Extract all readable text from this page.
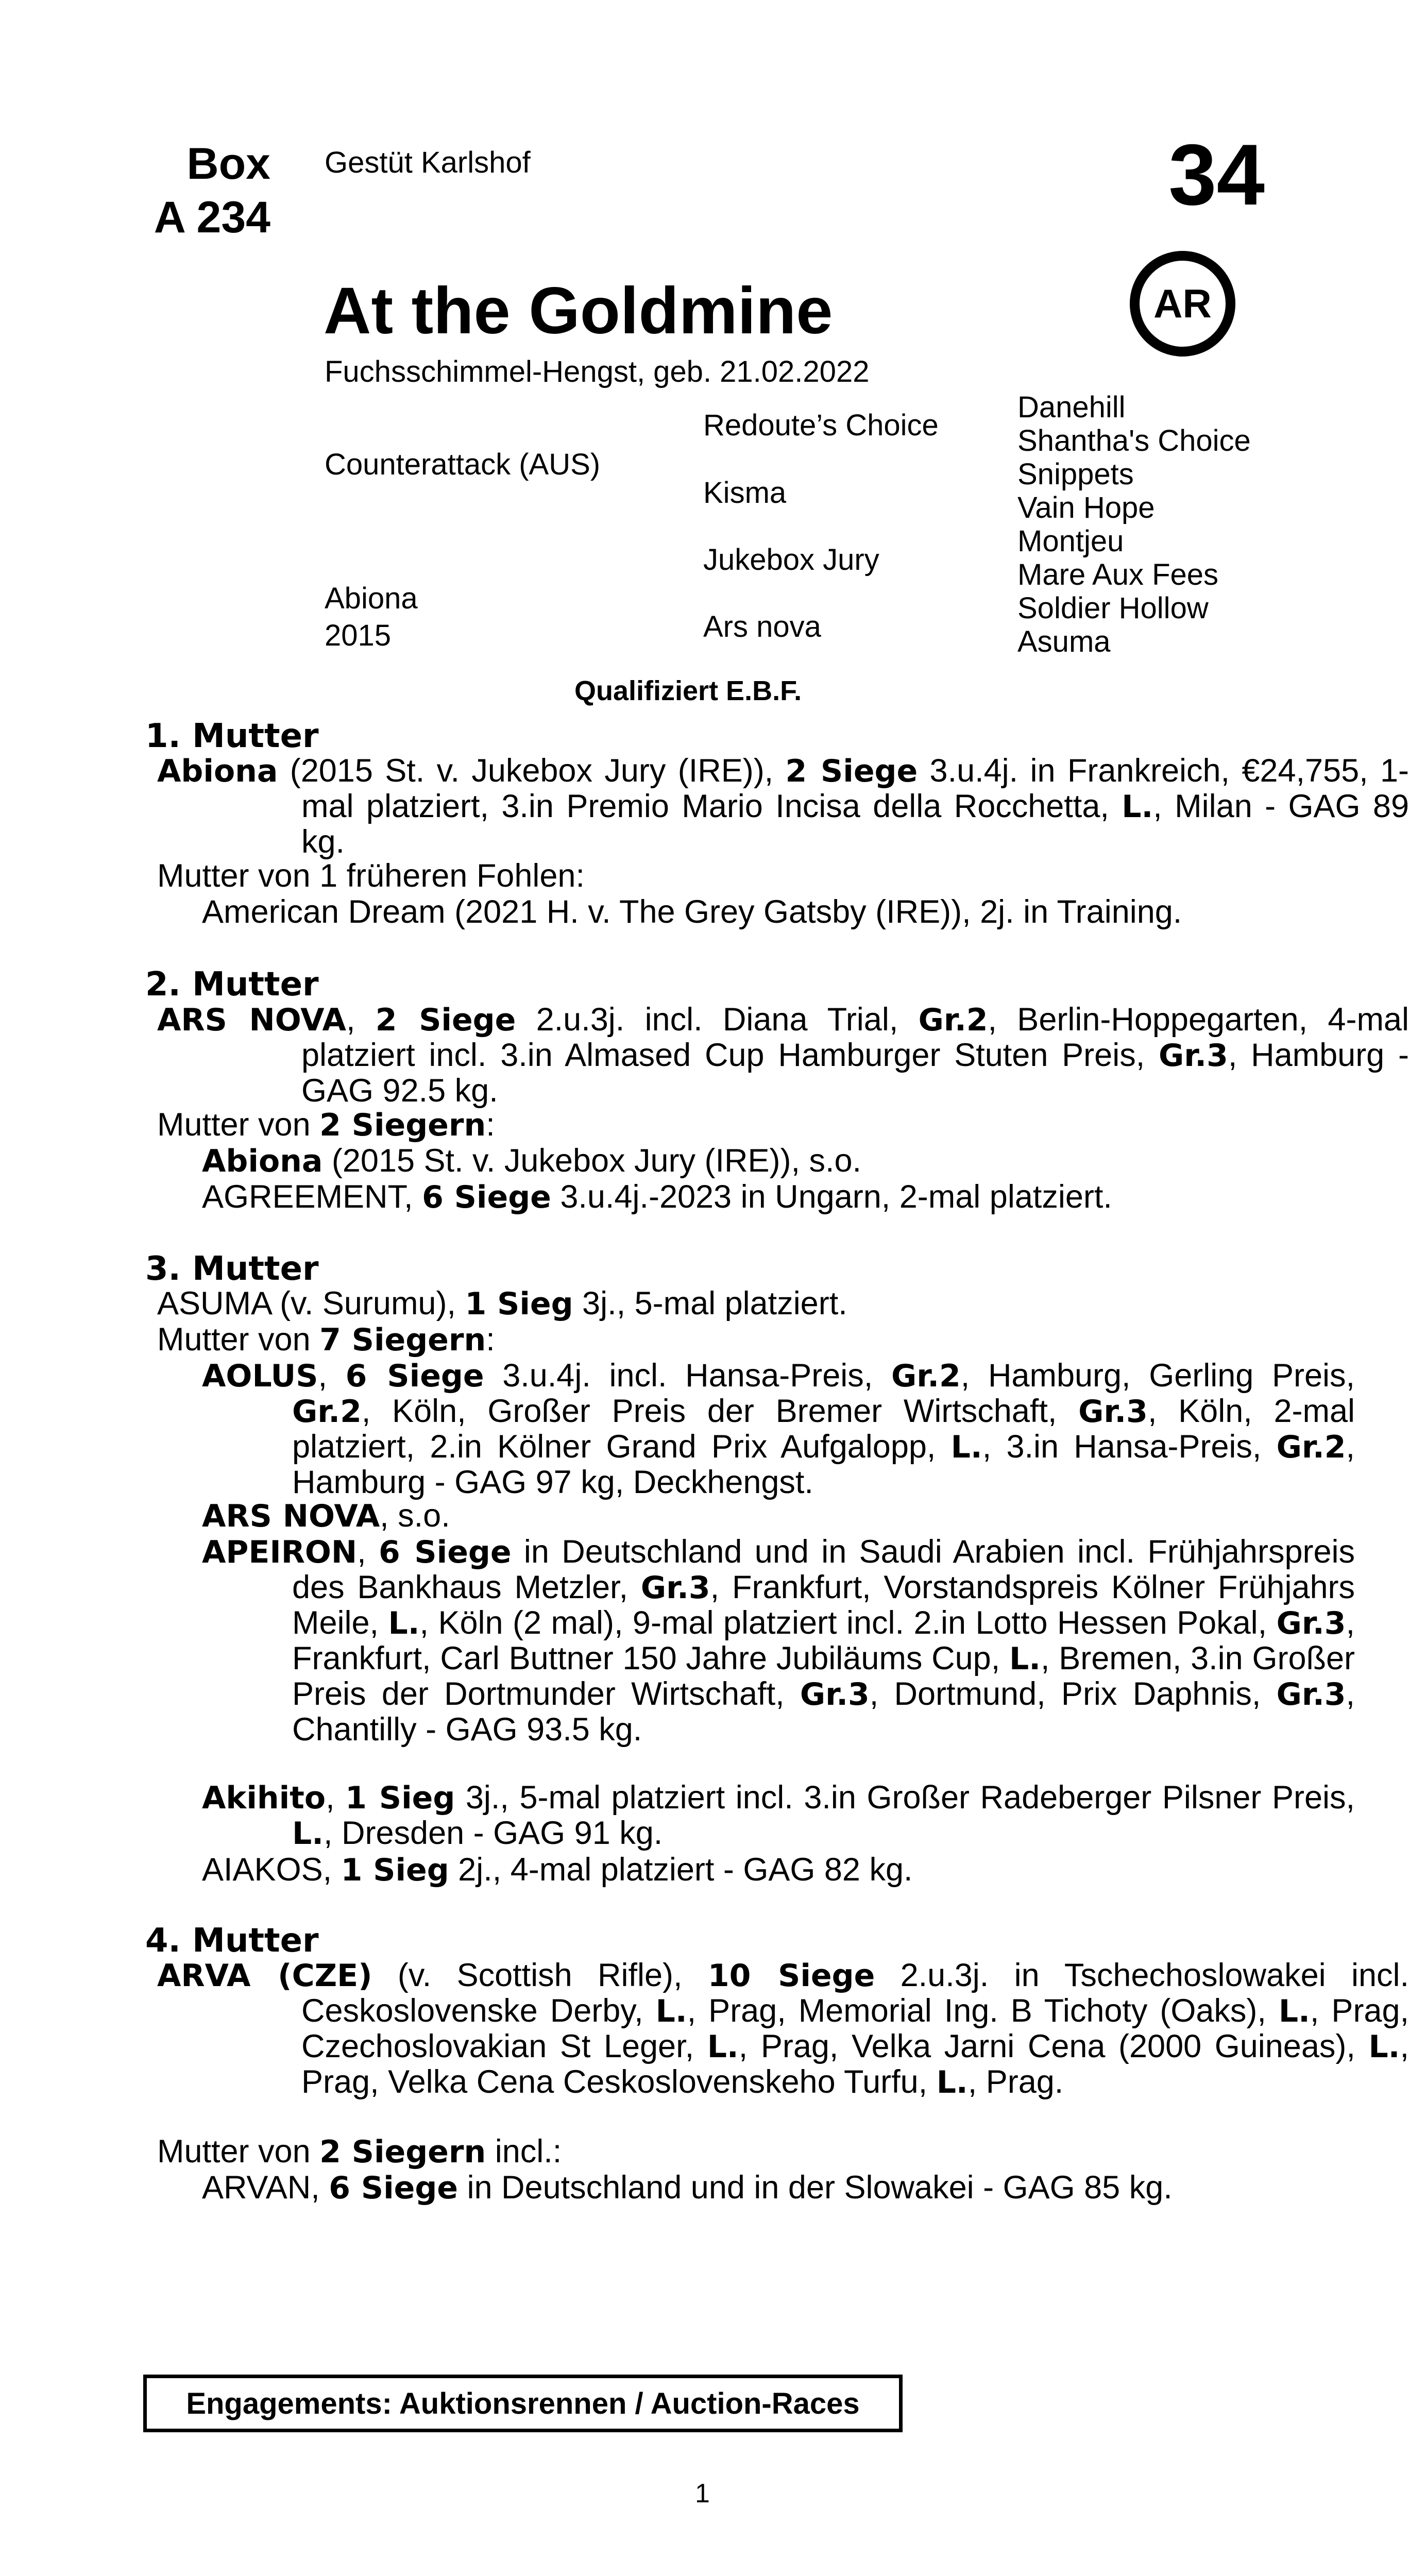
Box
A 234
Gestüt Karlshof	34
At the Goldmine	AR
Fuchsschimmel-Hengst, geb. 21.02.2022
Counterattack (AUS)
Abiona
2015
Redoute’s Choice
Kisma
Jukebox Jury
Ars nova
Danehill
Shantha's Choice
Snippets
Vain Hope
Montjeu
Mare Aux Fees
Soldier Hollow
Asuma
Qualifiziert E.B.F.
1. Mutter

Abiona (2015 St. v. Jukebox Jury (IRE)), 2 Siege 3.u.4j. in Frankreich, €24,755, 1-mal platziert, 3.in Premio Mario Incisa della Rocchetta, L., Milan - GAG 89 kg.

Mutter von 1 früheren Fohlen:
American Dream (2021 H. v. The Grey Gatsby (IRE)), 2j. in Training.
2. Mutter

ARS NOVA, 2 Siege 2.u.3j. incl. Diana Trial, Gr.2, Berlin-Hoppegarten, 4-mal platziert incl. 3.in Almased Cup Hamburger Stuten Preis, Gr.3, Hamburg - GAG 92.5 kg.

Mutter von 2 Siegern:
Abiona (2015 St. v. Jukebox Jury (IRE)), s.o.
AGREEMENT, 6 Siege 3.u.4j.-2023 in Ungarn, 2-mal platziert.
3. Mutter
ASUMA (v. Surumu), 1 Sieg 3j., 5-mal platziert.
Mutter von 7 Siegern:

AOLUS, 6 Siege 3.u.4j. incl. Hansa-Preis, Gr.2, Hamburg, Gerling Preis, Gr.2, Köln, Großer Preis der Bremer Wirtschaft, Gr.3, Köln, 2-mal platziert, 2.in Kölner Grand Prix Aufgalopp, L., 3.in Hansa-Preis, Gr.2, Hamburg - GAG 97 kg, Deckhengst.

ARS NOVA, s.o.

APEIRON, 6 Siege in Deutschland und in Saudi Arabien incl. Frühjahrspreis des Bankhaus Metzler, Gr.3, Frankfurt, Vorstandspreis Kölner Frühjahrs Meile, L., Köln (2 mal), 9-mal platziert incl. 2.in Lotto Hessen Pokal, Gr.3, Frankfurt, Carl Buttner 150 Jahre Jubiläums Cup, L., Bremen, 3.in Großer Preis der Dortmunder Wirtschaft, Gr.3, Dortmund, Prix Daphnis, Gr.3, Chantilly - GAG 93.5 kg.

Akihito, 1 Sieg 3j., 5-mal platziert incl. 3.in Großer Radeberger Pilsner Preis, L., Dresden - GAG 91 kg.

AIAKOS, 1 Sieg 2j., 4-mal platziert - GAG 82 kg.
4. Mutter

ARVA (CZE) (v. Scottish Rifle), 10 Siege 2.u.3j. in Tschechoslowakei incl. Ceskoslovenske Derby, L., Prag, Memorial Ing. B Tichoty (Oaks), L., Prag, Czechoslovakian St Leger, L., Prag, Velka Jarni Cena (2000 Guineas), L., Prag, Velka Cena Ceskoslovenskeho Turfu, L., Prag.

Mutter von 2 Siegern incl.:
ARVAN, 6 Siege in Deutschland und in der Slowakei - GAG 85 kg.
Engagements: Auktionsrennen / Auction-Races
1
